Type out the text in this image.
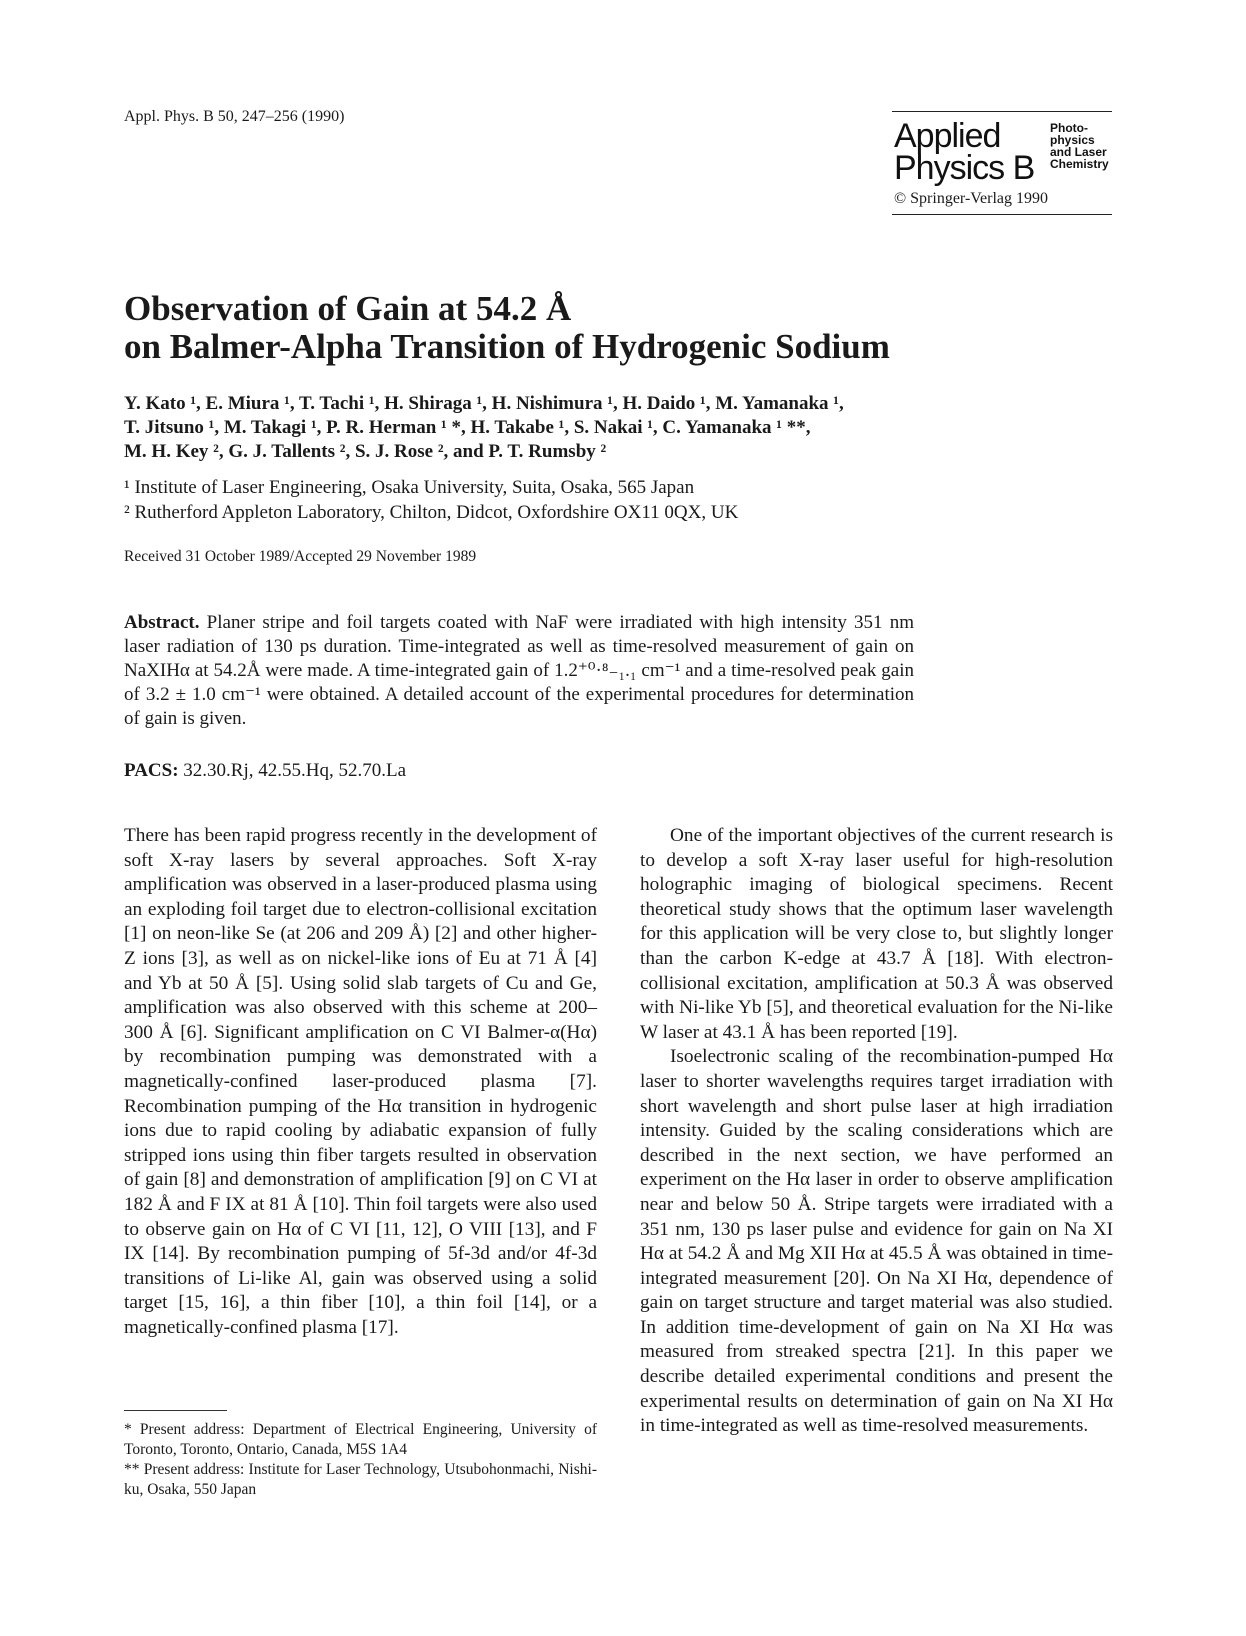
Appl. Phys. B 50, 247–256 (1990)
Applied
Physics B
Photo-
physics
and Laser
Chemistry
© Springer-Verlag 1990
Observation of Gain at 54.2 Å
on Balmer-Alpha Transition of Hydrogenic Sodium
Y. Kato ¹, E. Miura ¹, T. Tachi ¹, H. Shiraga ¹, H. Nishimura ¹, H. Daido ¹, M. Yamanaka ¹,
T. Jitsuno ¹, M. Takagi ¹, P. R. Herman ¹ *, H. Takabe ¹, S. Nakai ¹, C. Yamanaka ¹ **,
M. H. Key ², G. J. Tallents ², S. J. Rose ², and P. T. Rumsby ²
¹ Institute of Laser Engineering, Osaka University, Suita, Osaka, 565 Japan
² Rutherford Appleton Laboratory, Chilton, Didcot, Oxfordshire OX11 0QX, UK
Received 31 October 1989/Accepted 29 November 1989
Abstract. Planer stripe and foil targets coated with NaF were irradiated with high intensity 351 nm laser radiation of 130 ps duration. Time-integrated as well as time-resolved measurement of gain on NaXIHα at 54.2Å were made. A time-integrated gain of 1.2⁺⁰·⁸₋₁.₁ cm⁻¹ and a time-resolved peak gain of 3.2 ± 1.0 cm⁻¹ were obtained. A detailed account of the experimental procedures for determination of gain is given.
PACS: 32.30.Rj, 42.55.Hq, 52.70.La

There has been rapid progress recently in the development of soft X-ray lasers by several approaches. Soft X-ray amplification was observed in a laser-produced plasma using an exploding foil target due to electron-collisional excitation [1] on neon-like Se (at 206 and 209 Å) [2] and other higher-Z ions [3], as well as on nickel-like ions of Eu at 71 Å [4] and Yb at 50 Å [5]. Using solid slab targets of Cu and Ge, amplification was also observed with this scheme at 200–300 Å [6]. Significant amplification on C VI Balmer-α(Hα) by recombination pumping was demonstrated with a magnetically-confined laser-produced plasma [7]. Recombination pumping of the Hα transition in hydrogenic ions due to rapid cooling by adiabatic expansion of fully stripped ions using thin fiber targets resulted in observation of gain [8] and demonstration of amplification [9] on C VI at 182 Å and F IX at 81 Å [10]. Thin foil targets were also used to observe gain on Hα of C VI [11, 12], O VIII [13], and F IX [14]. By recombination pumping of 5f-3d and/or 4f-3d transitions of Li-like Al, gain was observed using a solid target [15, 16], a thin fiber [10], a thin foil [14], or a magnetically-confined plasma [17].

One of the important objectives of the current research is to develop a soft X-ray laser useful for high-resolution holographic imaging of biological specimens. Recent theoretical study shows that the optimum laser wavelength for this application will be very close to, but slightly longer than the carbon K-edge at 43.7 Å [18]. With electron-collisional excitation, amplification at 50.3 Å was observed with Ni-like Yb [5], and theoretical evaluation for the Ni-like W laser at 43.1 Å has been reported [19].

Isoelectronic scaling of the recombination-pumped Hα laser to shorter wavelengths requires target irradiation with short wavelength and short pulse laser at high irradiation intensity. Guided by the scaling considerations which are described in the next section, we have performed an experiment on the Hα laser in order to observe amplification near and below 50 Å. Stripe targets were irradiated with a 351 nm, 130 ps laser pulse and evidence for gain on Na XI Hα at 54.2 Å and Mg XII Hα at 45.5 Å was obtained in time-integrated measurement [20]. On Na XI Hα, dependence of gain on target structure and target material was also studied. In addition time-development of gain on Na XI Hα was measured from streaked spectra [21]. In this paper we describe detailed experimental conditions and present the experimental results on determination of gain on Na XI Hα in time-integrated as well as time-resolved measurements.

* Present address: Department of Electrical Engineering, University of Toronto, Toronto, Ontario, Canada, M5S 1A4

** Present address: Institute for Laser Technology, Utsubohonmachi, Nishi-ku, Osaka, 550 Japan
